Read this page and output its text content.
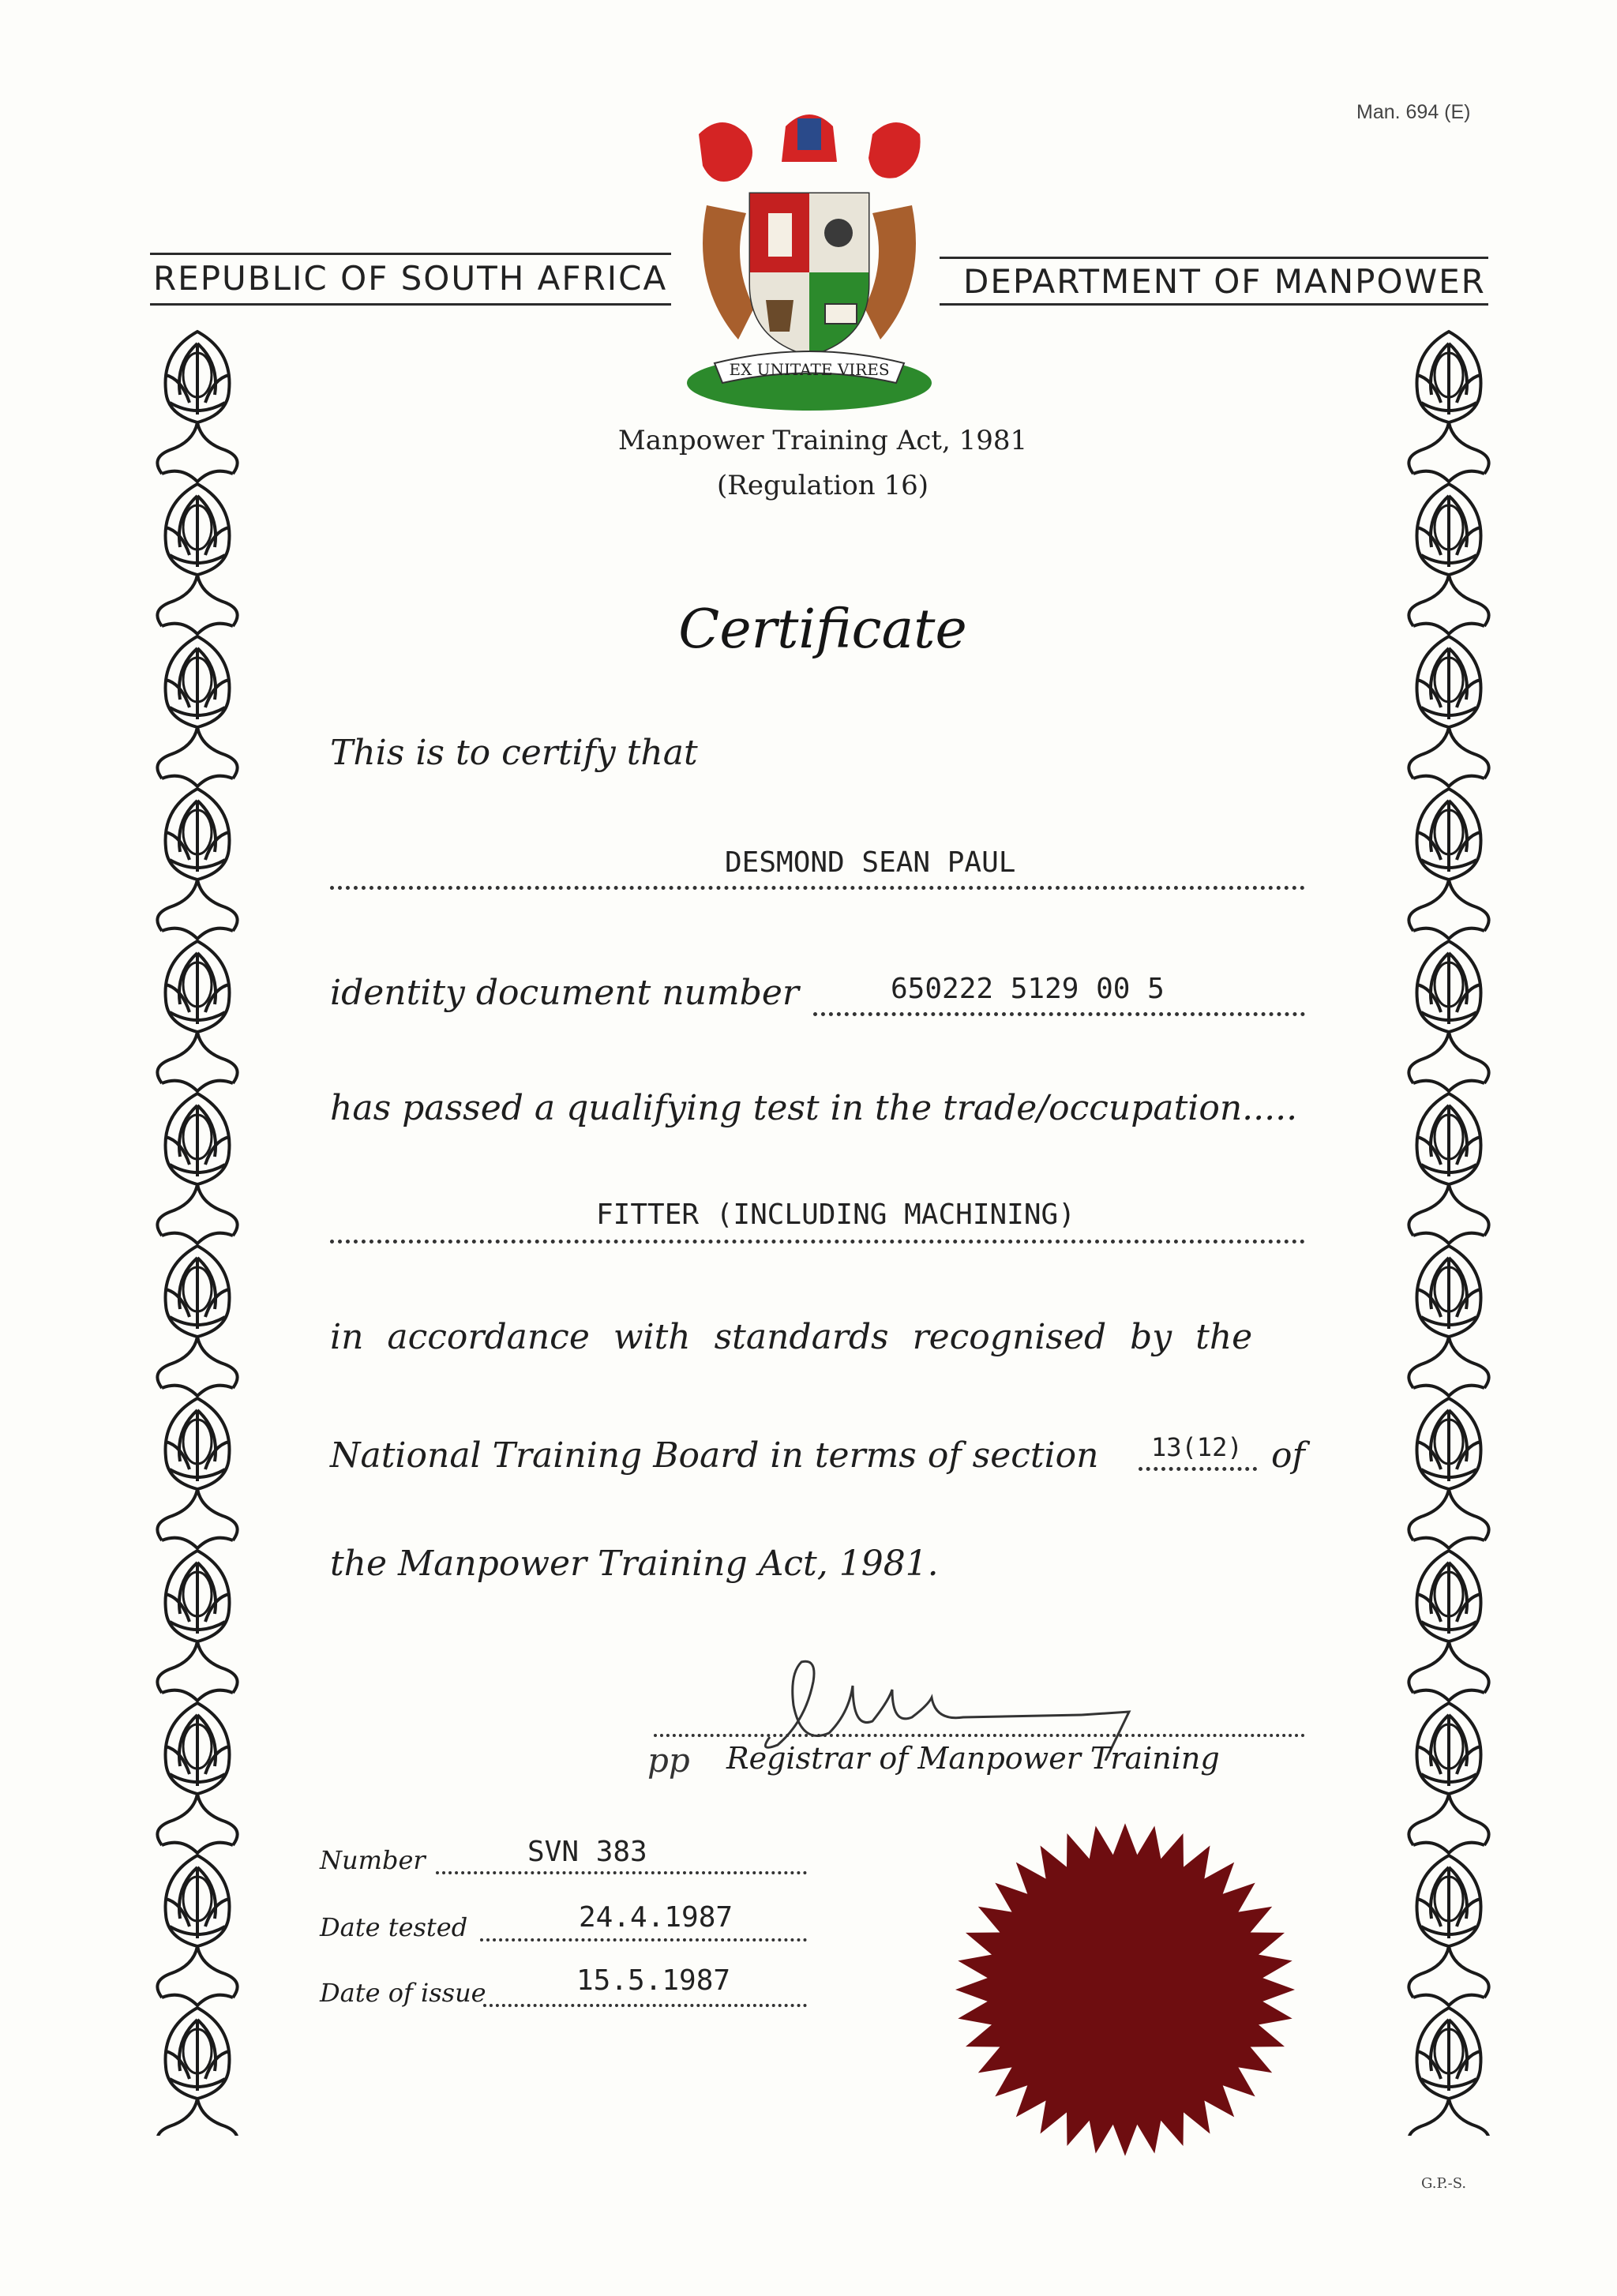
Man. 694 (E)
REPUBLIC OF SOUTH AFRICA	DEPARTMENT OF MANPOWER
EX UNITATE VIRES
Manpower Training Act, 1981
(Regulation 16)
Certificate
This is to certify that
DESMOND SEAN PAUL
identity document number	650222 5129 00 5
has passed a qualifying test in the trade/occupation.....
FITTER (INCLUDING MACHINING)
in accordance with standards recognised by the
National Training Board in terms of section 13(12) of
the Manpower Training Act, 1981.
pp Registrar of Manpower Training
Number	SVN 383
Date tested	24.4.1987
Date of issue	15.5.1987
G.P.-S.
